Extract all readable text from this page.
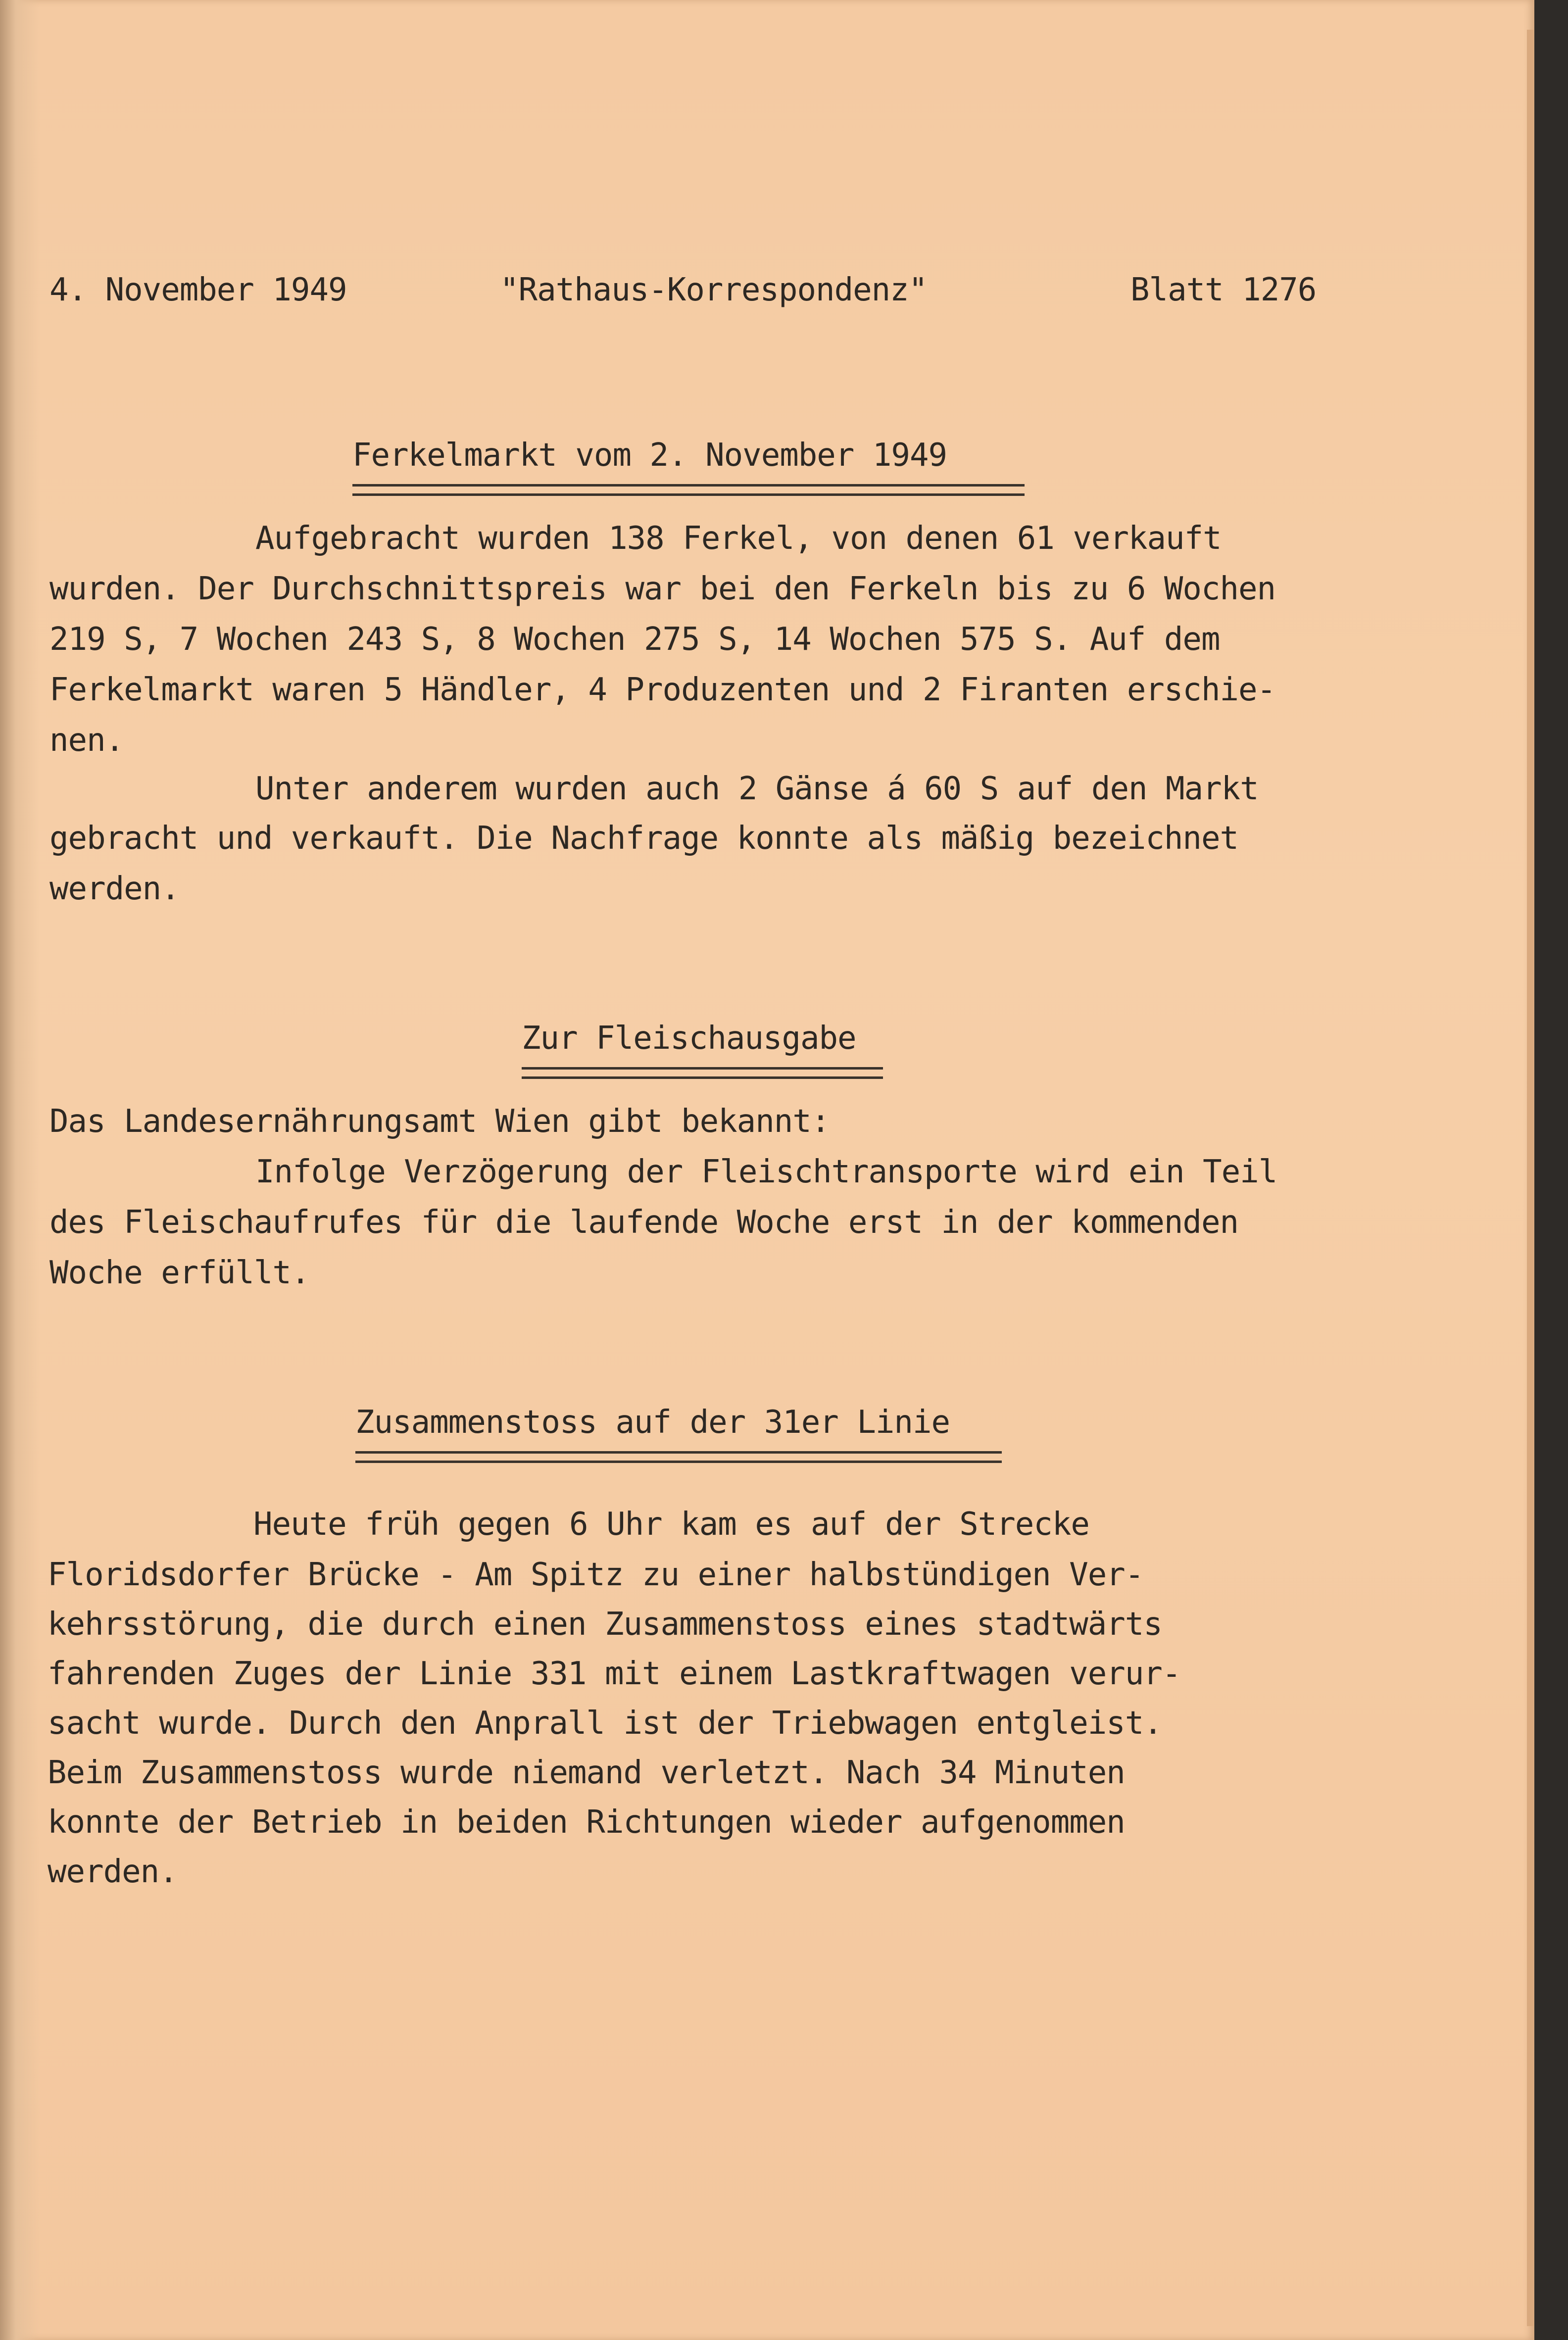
4. November 1949	"Rathaus-Korrespondenz"	Blatt 1276

Ferkelmarkt vom 2. November 1949

Aufgebracht wurden 138 Ferkel, von denen 61 verkauft

wurden. Der Durchschnittspreis war bei den Ferkeln bis zu 6 Wochen

219 S, 7 Wochen 243 S, 8 Wochen 275 S, 14 Wochen 575 S. Auf dem

Ferkelmarkt waren 5 Händler, 4 Produzenten und 2 Firanten erschie-

nen.

Unter anderem wurden auch 2 Gänse á 60 S auf den Markt

gebracht und verkauft. Die Nachfrage konnte als mäßig bezeichnet

werden.

Zur Fleischausgabe

Das Landesernährungsamt Wien gibt bekannt:

Infolge Verzögerung der Fleischtransporte wird ein Teil

des Fleischaufrufes für die laufende Woche erst in der kommenden

Woche erfüllt.

Zusammenstoss auf der 31er Linie

Heute früh gegen 6 Uhr kam es auf der Strecke

Floridsdorfer Brücke - Am Spitz zu einer halbstündigen Ver-

kehrsstörung, die durch einen Zusammenstoss eines stadtwärts

fahrenden Zuges der Linie 331 mit einem Lastkraftwagen verur-

sacht wurde. Durch den Anprall ist der Triebwagen entgleist.

Beim Zusammenstoss wurde niemand verletzt. Nach 34 Minuten

konnte der Betrieb in beiden Richtungen wieder aufgenommen

werden.
